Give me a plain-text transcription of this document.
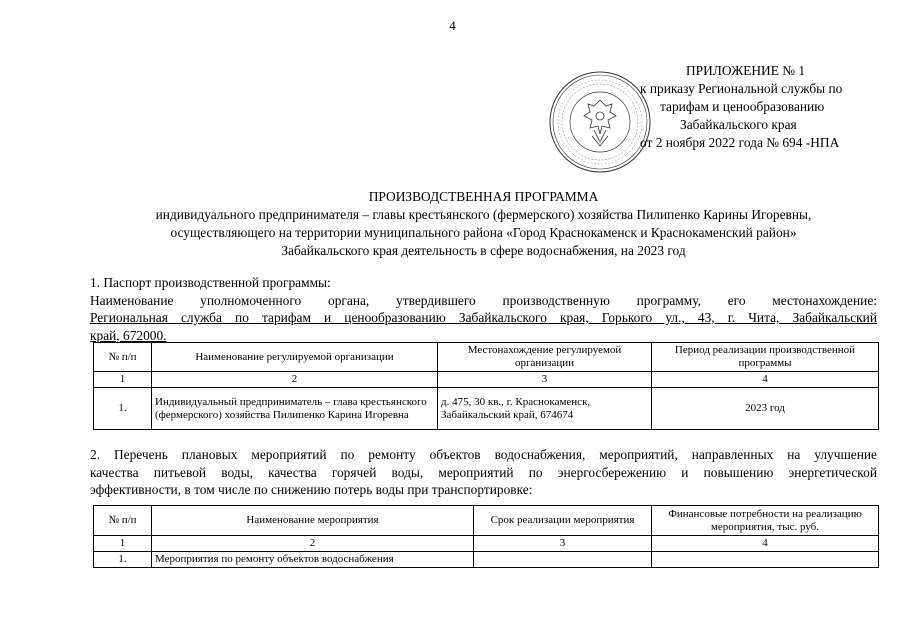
4
ПРИЛОЖЕНИЕ № 1
к приказу Региональной службы по
тарифам и ценообразованию
Забайкальского края
от 2 ноября 2022 года № 694 -НПА
ПРОИЗВОДСТВЕННАЯ ПРОГРАММА
индивидуального предпринимателя – главы крестьянского (фермерского) хозяйства Пилипенко Карины Игоревны,
осуществляющего на территории муниципального района «Город Краснокаменск и Краснокаменский район»
Забайкальского края деятельность в сфере водоснабжения, на 2023 год
1. Паспорт производственной программы:
Наименование уполномоченного органа, утвердившего производственную программу, его местонахождение:
Региональная служба по тарифам и ценообразованию Забайкальского края, Горького ул., 43, г. Чита, Забайкальский
край, 672000.
№ п/п	Наименование регулируемой организации	Местонахождение регулируемой организации	Период реализации производственной программы
1	2	3	4
1.	Индивидуальный предприниматель – глава крестьянского (фермерского) хозяйства Пилипенко Карина Игоревна	д. 475, 30 кв., г. Краснокаменск, Забайкальский край, 674674	2023 год
2. Перечень плановых мероприятий по ремонту объектов водоснабжения, мероприятий, направленных на улучшение
качества питьевой воды, качества горячей воды, мероприятий по энергосбережению и повышению энергетической
эффективности, в том числе по снижению потерь воды при транспортировке:
№ п/п	Наименование мероприятия	Срок реализации мероприятия	Финансовые потребности на реализацию мероприятия, тыс. руб.
1	2	3	4
1.	Мероприятия по ремонту объектов водоснабжения		
